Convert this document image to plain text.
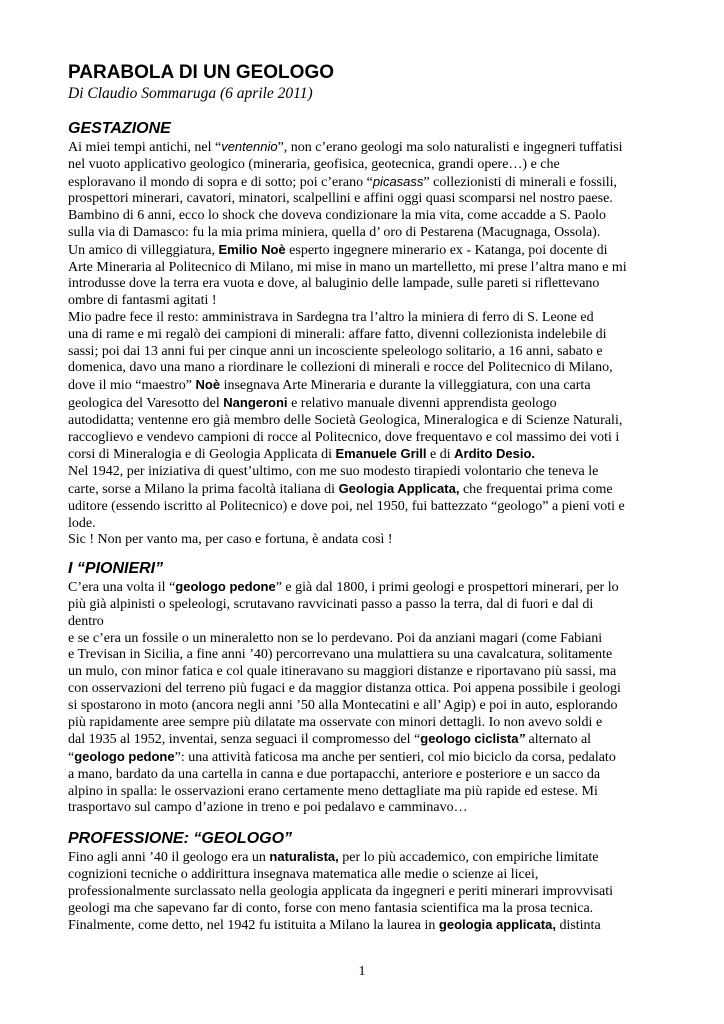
PARABOLA DI UN GEOLOGO

Di Claudio Sommaruga (6 aprile 2011)

GESTAZIONE
Ai miei tempi antichi, nel “ventennio”, non c’erano geologi ma solo naturalisti e ingegneri tuffatisi
nel vuoto applicativo geologico (mineraria, geofisica, geotecnica, grandi opere…) e che
esploravano il mondo di sopra e di sotto; poi c’erano “picasass” collezionisti di minerali e fossili,
prospettori minerari, cavatori, minatori, scalpellini e affini oggi quasi scomparsi nel nostro paese.
Bambino di 6 anni, ecco lo shock che doveva condizionare la mia vita, come accadde a S. Paolo
sulla via di Damasco: fu la mia prima miniera, quella d’ oro di Pestarena (Macugnaga, Ossola).
Un amico di villeggiatura, Emilio Noè esperto ingegnere minerario ex - Katanga, poi docente di
Arte Mineraria al Politecnico di Milano, mi mise in mano un martelletto, mi prese l’altra mano e mi
introdusse dove la terra era vuota e dove, al baluginio delle lampade, sulle pareti si riflettevano
ombre di fantasmi agitati !
Mio padre fece il resto: amministrava in Sardegna tra l’altro la miniera di ferro di S. Leone ed
una di rame e mi regalò dei campioni di minerali: affare fatto, divenni collezionista indelebile di
sassi; poi dai 13 anni fui per cinque anni un incosciente speleologo solitario, a 16 anni, sabato e
domenica, davo una mano a riordinare le collezioni di minerali e rocce del Politecnico di Milano,
dove il mio “maestro” Noè insegnava Arte Mineraria e durante la villeggiatura, con una carta
geologica del Varesotto del Nangeroni e relativo manuale divenni apprendista geologo
autodidatta; ventenne ero già membro delle Società Geologica, Mineralogica e di Scienze Naturali,
raccoglievo e vendevo campioni di rocce al Politecnico, dove frequentavo e col massimo dei voti i
corsi di Mineralogia e di Geologia Applicata di Emanuele Grill e di Ardito Desio.
Nel 1942, per iniziativa di quest’ultimo, con me suo modesto tirapiedi volontario che teneva le
carte, sorse a Milano la prima facoltà italiana di Geologia Applicata, che frequentai prima come
uditore (essendo iscritto al Politecnico) e dove poi, nel 1950, fui battezzato “geologo” a pieni voti e
lode.
Sic ! Non per vanto ma, per caso e fortuna, è andata così !
I “PIONIERI”
C’era una volta il “geologo pedone” e già dal 1800, i primi geologi e prospettori minerari, per lo
più già alpinisti o speleologi, scrutavano ravvicinati passo a passo la terra, dal di fuori e dal di
dentro
e se c’era un fossile o un mineraletto non se lo perdevano. Poi da anziani magari (come Fabiani
e Trevisan in Sicilia, a fine anni ’40) percorrevano una mulattiera su una cavalcatura, solitamente
un mulo, con minor fatica e col quale itineravano su maggiori distanze e riportavano più sassi, ma
con osservazioni del terreno più fugaci e da maggior distanza ottica. Poi appena possibile i geologi
si spostarono in moto (ancora negli anni ’50 alla Montecatini e all’ Agip) e poi in auto, esplorando
più rapidamente aree sempre più dilatate ma osservate con minori dettagli. Io non avevo soldi e
dal 1935 al 1952, inventai, senza seguaci il compromesso del “geologo ciclista” alternato al
“geologo pedone”: una attività faticosa ma anche per sentieri, col mio biciclo da corsa, pedalato
a mano, bardato da una cartella in canna e due portapacchi, anteriore e posteriore e un sacco da
alpino in spalla: le osservazioni erano certamente meno dettagliate ma più rapide ed estese. Mi
trasportavo sul campo d’azione in treno e poi pedalavo e camminavo…
PROFESSIONE: “GEOLOGO”
Fino agli anni ’40 il geologo era un naturalista, per lo più accademico, con empiriche limitate
cognizioni tecniche o addirittura insegnava matematica alle medie o scienze ai licei,
professionalmente surclassato nella geologia applicata da ingegneri e periti minerari improvvisati
geologi ma che sapevano far di conto, forse con meno fantasia scientifica ma la prosa tecnica.
Finalmente, come detto, nel 1942 fu istituita a Milano la laurea in geologia applicata, distinta
1
